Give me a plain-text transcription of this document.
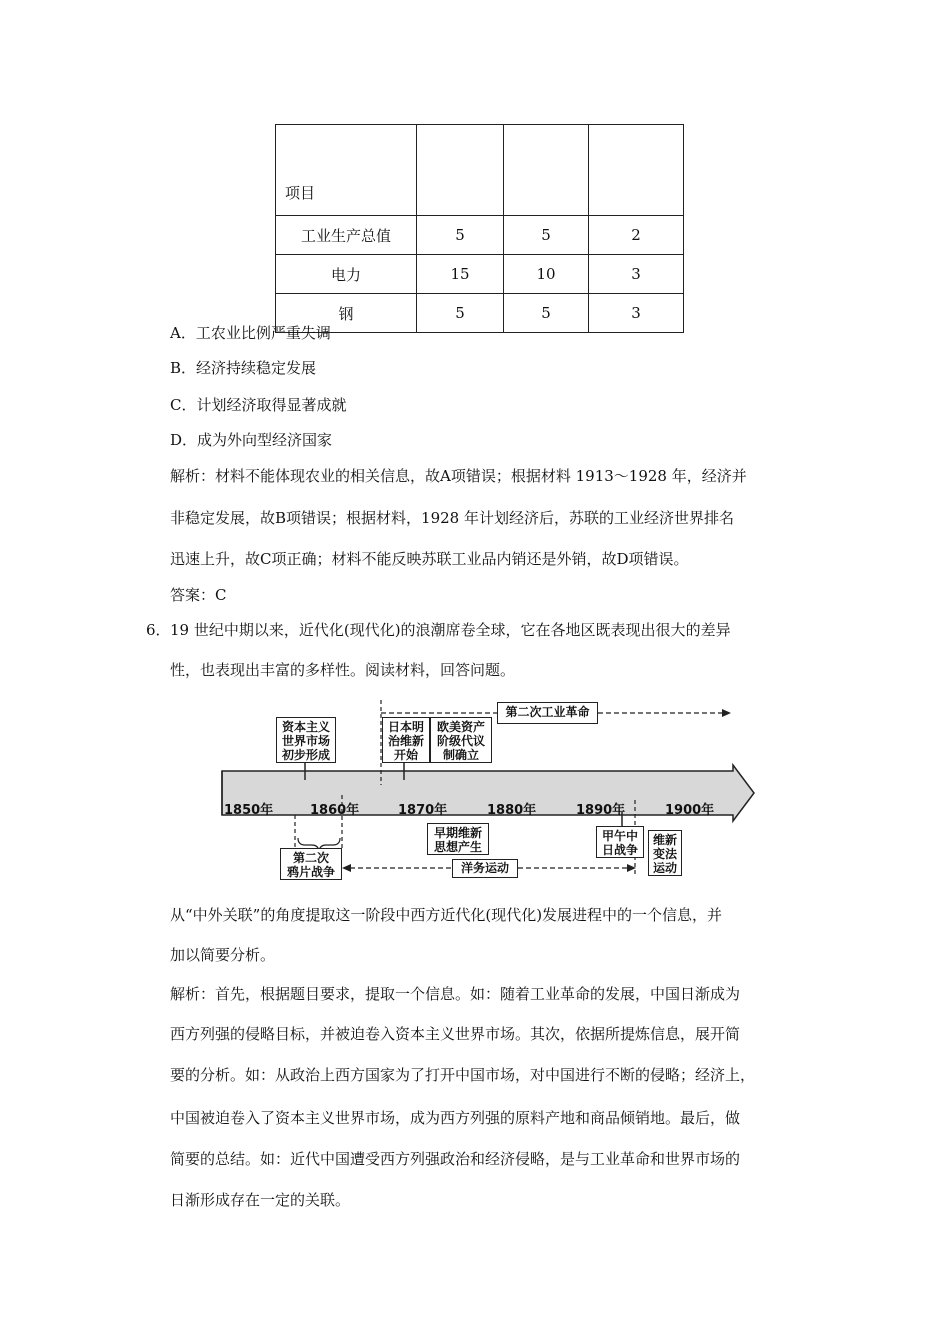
项目			
工业生产总值	5	5	2
电力	15	10	3
钢	5	5	3
A．工农业比例严重失调
B．经济持续稳定发展
C．计划经济取得显著成就
D．成为外向型经济国家
解析：材料不能体现农业的相关信息，故A项错误；根据材料 1913～1928 年，经济并
非稳定发展，故B项错误；根据材料，1928 年计划经济后，苏联的工业经济世界排名
迅速上升，故C项正确；材料不能反映苏联工业品内销还是外销，故D项错误。
答案：C
6． 19 世纪中期以来，近代化(现代化)的浪潮席卷全球，它在各地区既表现出很大的差异
性，也表现出丰富的多样性。阅读材料，回答问题。
1850年	1860年	1870年	1880年	1890年	1900年
资本主义
世界市场
初步形成
日本明
治维新
开始
欧美资产
阶级代议
制确立
第二次工业革命
第二次
鸦片战争
早期维新
思想产生
甲午中
日战争
维新
变法
运动
洋务运动
从“中外关联”的角度提取这一阶段中西方近代化(现代化)发展进程中的一个信息，并
加以简要分析。
解析：首先，根据题目要求，提取一个信息。如：随着工业革命的发展，中国日渐成为
西方列强的侵略目标，并被迫卷入资本主义世界市场。其次，依据所提炼信息，展开简
要的分析。如：从政治上西方国家为了打开中国市场，对中国进行不断的侵略；经济上，
中国被迫卷入了资本主义世界市场，成为西方列强的原料产地和商品倾销地。最后，做
简要的总结。如：近代中国遭受西方列强政治和经济侵略，是与工业革命和世界市场的
日渐形成存在一定的关联。
